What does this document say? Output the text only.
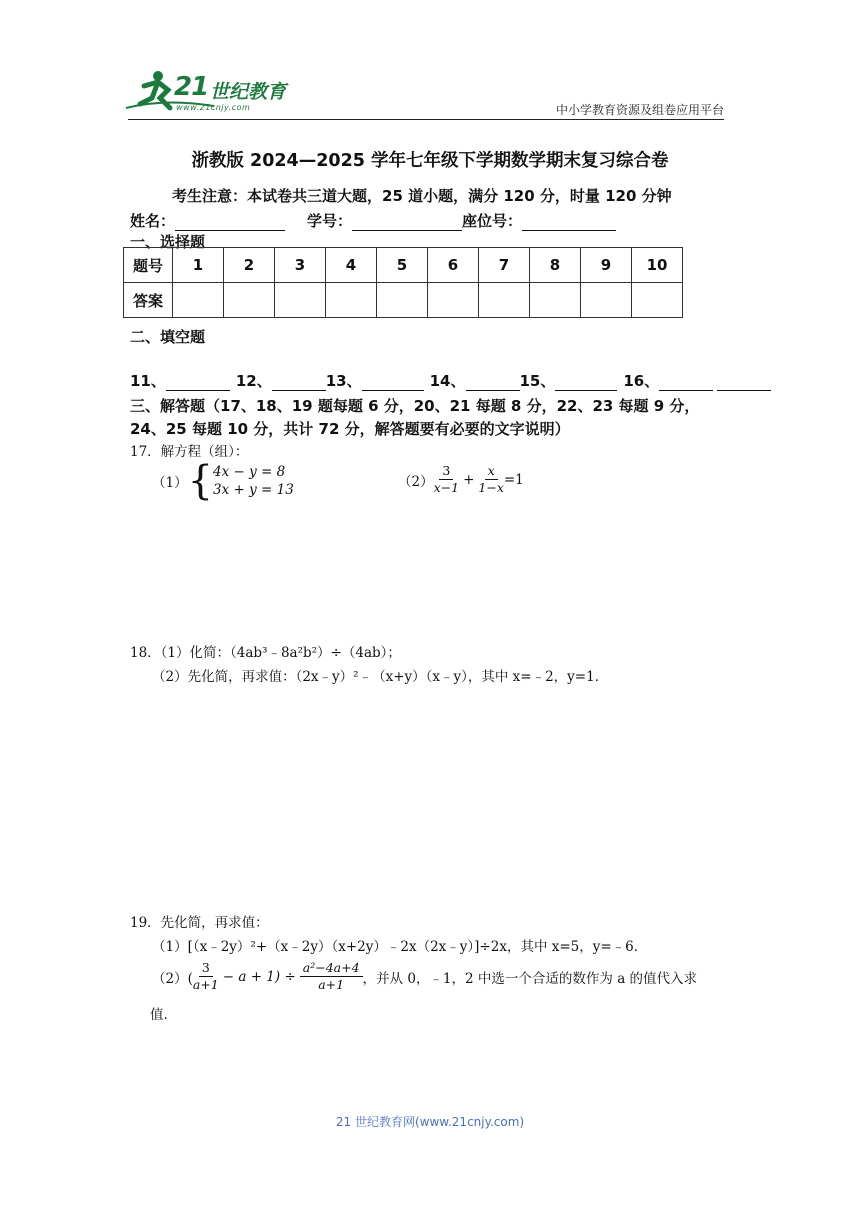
21 世纪教育
www.21cnjy.com	中小学教育资源及组卷应用平台
浙教版 2024—2025 学年七年级下学期数学期末复习综合卷
考生注意：本试卷共三道大题，25 道小题，满分 120 分，时量 120 分钟
姓名：	学号：	座位号：
一、选择题
题号	1	2	3	4	5	6	7	8	9	10
答案										
二、填空题
11、	12、	13、	14、	15、	16、
三、解答题（17、18、19 题每题 6 分，20、21 每题 8 分，22、23 每题 9 分，24、25 每题 10 分，共计 72 分，解答题要有必要的文字说明）
17．解方程（组）：
（1） { 4x − y = 8
3x + y = 13
$(2) \frac{3}{x-1} + \frac{x}{1-x} =1$
18．（1）化简：（4ab³﹣8a²b²）÷（4ab）；
（2）先化简，再求值：（2x﹣y）²﹣（x+y）（x﹣y），其中 x=﹣2，y=1．
19．先化简，再求值：
（1）[（x﹣2y）²+（x﹣2y）（x+2y）﹣2x（2x﹣y）]÷2x，其中 x=5，y=﹣6．
$(2)( \frac{3}{a+1} - a + 1) \div \frac{\text{a²−4a+4}}{a+1}$ ，并从 0，﹣1，2 中选一个合适的数作为 a 的值代入求
值．
21 世纪教育网(www.21cnjy.com)
